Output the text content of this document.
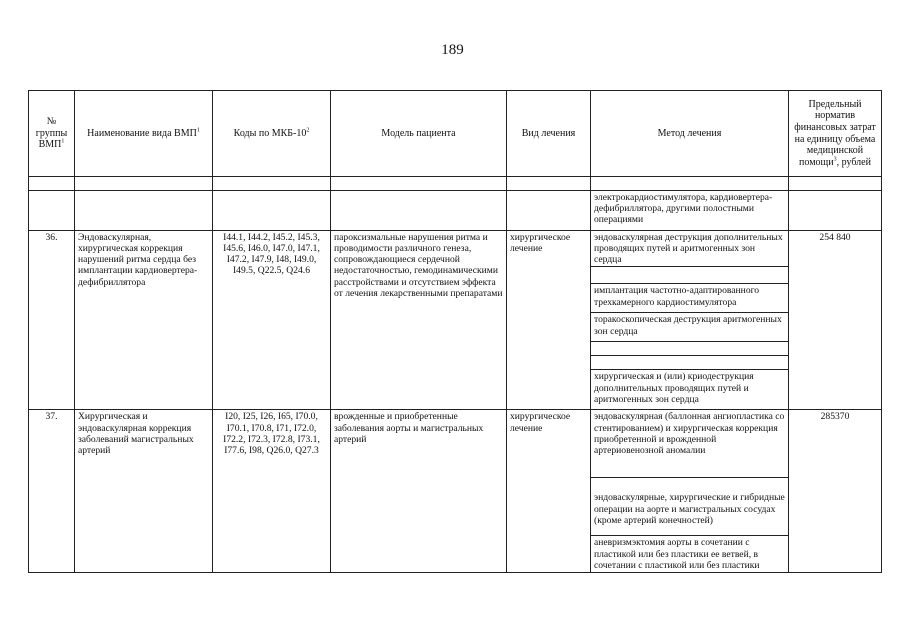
189
№ группы ВМП$^1$	Наименование вида ВМП$^1$	Коды по МКБ-$10^2$	Модель пациента	Вид лечения	Метод лечения	Предельный норматив финансовых затрат на единицу объема медицинской помощи$^3$, рублей

					электрокардиостимулятора, кардиовертера-дефибриллятора, другими полостными операциями	
36.	Эндоваскулярная, хирургическая коррекция нарушений ритма сердца без имплантации кардиовертера-дефибриллятора	I44.1, I44.2, I45.2, I45.3, I45.6, I46.0, I47.0, I47.1, I47.2, I47.9, I48, I49.0, I49.5, Q22.5, Q24.6	пароксизмальные нарушения ритма и проводимости различного генеза, сопровождающиеся сердечной недостаточностью, гемодинамическими расстройствами и отсутствием эффекта от лечения лекарственными препаратами	хирургическое лечение	эндоваскулярная деструкция дополнительных проводящих путей и аритмогенных зон сердца	254 840

					имплантация частотно-адаптированного трехкамерного кардиостимулятора	
					торакоскопическая деструкция аритмогенных зон сердца	

					хирургическая и (или) криодеструкция дополнительных проводящих путей и аритмогенных зон сердца	
37.	Хирургическая и эндоваскулярная коррекция заболеваний магистральных артерий	I20, I25, I26, I65, I70.0, I70.1, I70.8, I71, I72.0, I72.2, I72.3, I72.8, I73.1, I77.6, I98, Q26.0, Q27.3	врожденные и приобретенные заболевания аорты и магистральных артерий	хирургическое лечение	эндоваскулярная (баллонная ангиопластика со стентированием) и хирургическая коррекция приобретенной и врожденной артериовенозной аномалии	285370
					эндоваскулярные, хирургические и гибридные операции на аорте и магистральных сосудах (кроме артерий конечностей)	
					аневризмэктомия аорты в сочетании с пластикой или без пластики ее ветвей, в сочетании с пластикой или без пластики	
